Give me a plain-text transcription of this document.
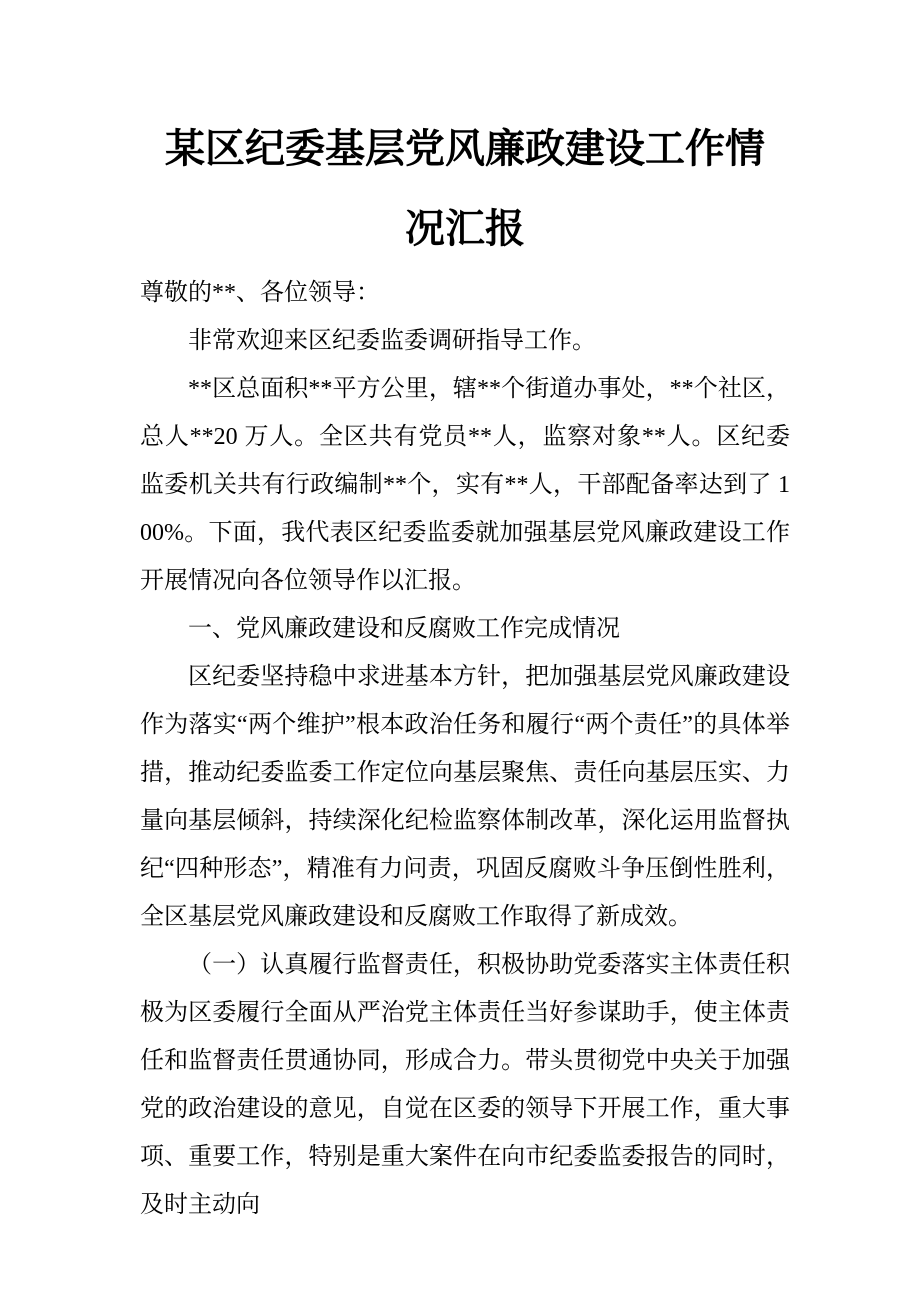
某区纪委基层党风廉政建设工作情
况汇报

尊敬的**、各位领导：

非常欢迎来区纪委监委调研指导工作。

**区总面积**平方公里，辖**个街道办事处，**个社区，总人**20 万人。全区共有党员**人，监察对象**人。区纪委监委机关共有行政编制**个，实有**人，干部配备率达到了 100%。下面，我代表区纪委监委就加强基层党风廉政建设工作开展情况向各位领导作以汇报。

一、党风廉政建设和反腐败工作完成情况

区纪委坚持稳中求进基本方针，把加强基层党风廉政建设作为落实“两个维护”根本政治任务和履行“两个责任”的具体举措，推动纪委监委工作定位向基层聚焦、责任向基层压实、力量向基层倾斜，持续深化纪检监察体制改革，深化运用监督执纪“四种形态”，精准有力问责，巩固反腐败斗争压倒性胜利，全区基层党风廉政建设和反腐败工作取得了新成效。

（一）认真履行监督责任，积极协助党委落实主体责任积极为区委履行全面从严治党主体责任当好参谋助手，使主体责任和监督责任贯通协同，形成合力。带头贯彻党中央关于加强党的政治建设的意见，自觉在区委的领导下开展工作，重大事项、重要工作，特别是重大案件在向市纪委监委报告的同时，及时主动向
